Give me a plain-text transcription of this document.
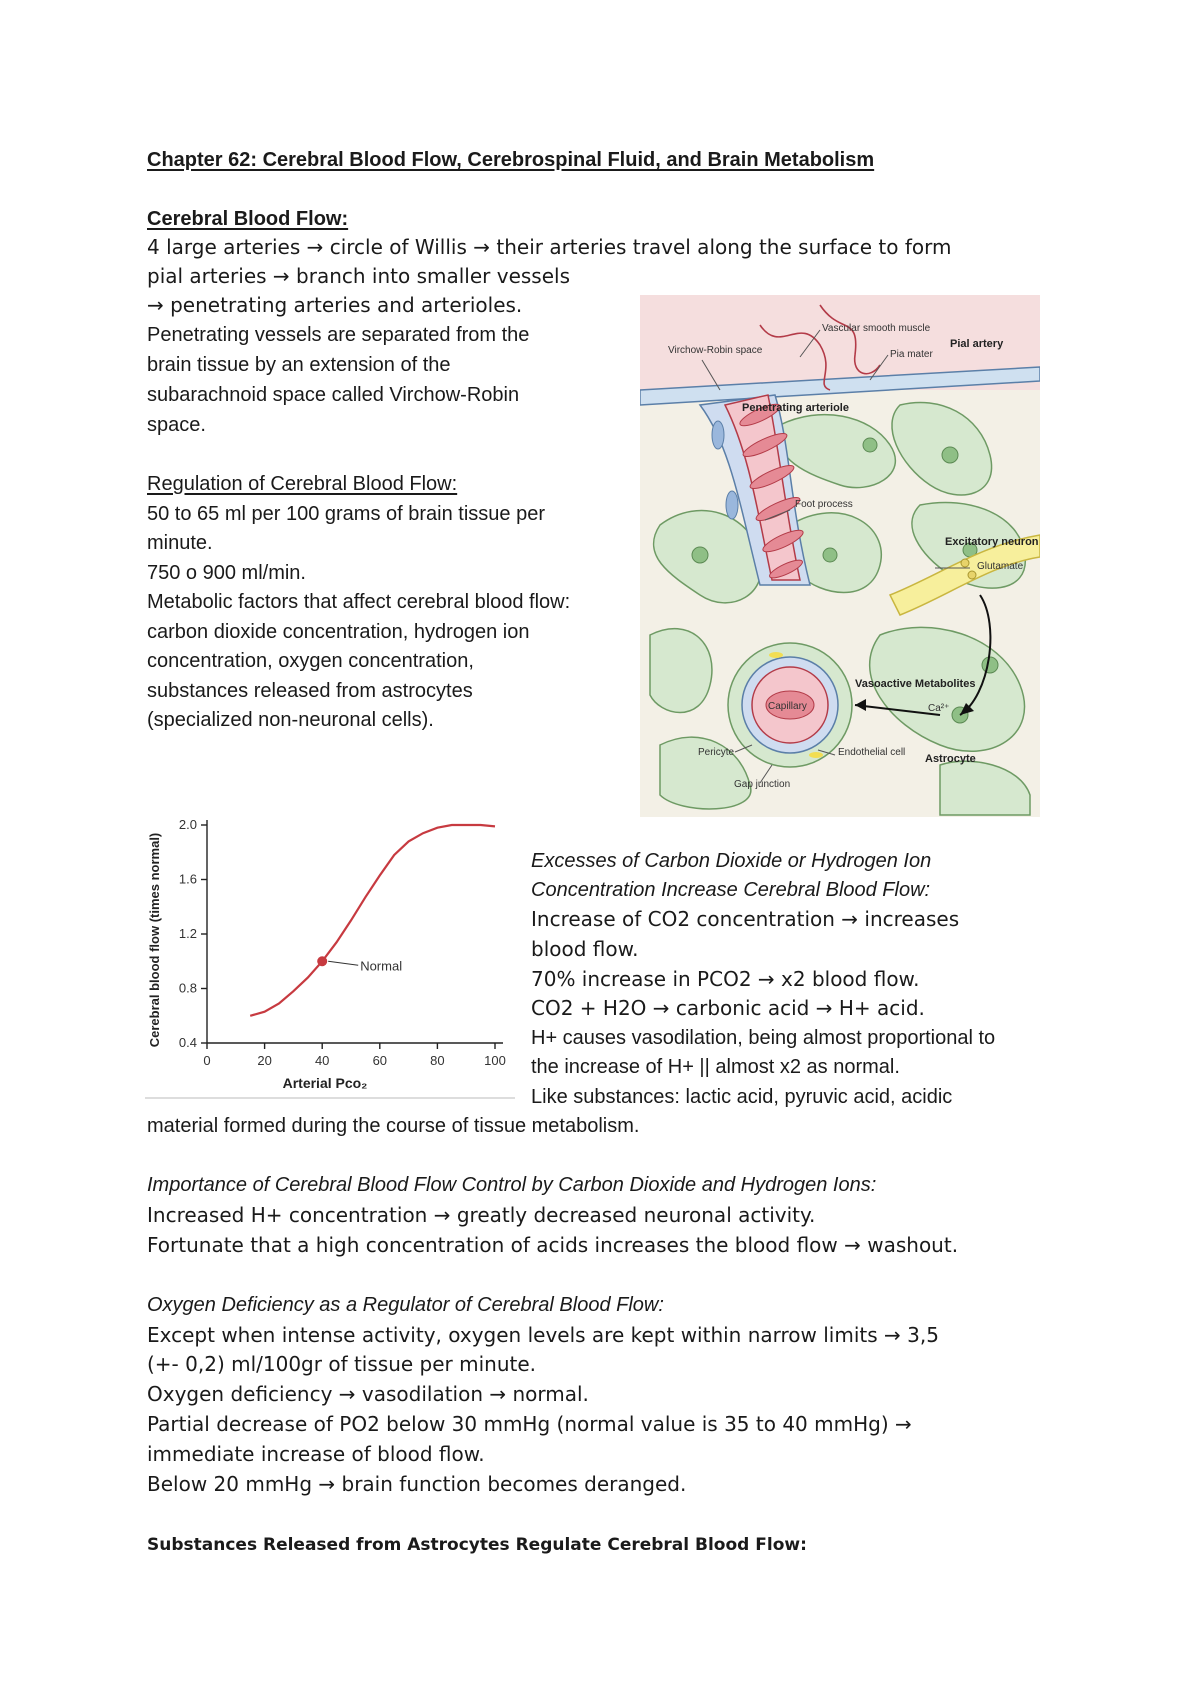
Chapter 62: Cerebral Blood Flow, Cerebrospinal Fluid, and Brain Metabolism
Cerebral Blood Flow:
4 large arteries → circle of Willis → their arteries travel along the surface to form
pial arteries → branch into smaller vessels
→ penetrating arteries and arterioles.
Penetrating vessels are separated from the
brain tissue by an extension of the
subarachnoid space called Virchow-Robin
space.
Regulation of Cerebral Blood Flow:
50 to 65 ml per 100 grams of brain tissue per
minute.
750 o 900 ml/min.
Metabolic factors that affect cerebral blood flow:
carbon dioxide concentration, hydrogen ion
concentration, oxygen concentration,
substances released from astrocytes
(specialized non-neuronal cells).
Vascular smooth muscle
Pial artery
Virchow-Robin space	Pia mater
Penetrating arteriole
Foot process
Excitatory neuron
Glutamate
Vasoactive Metabolites
Capillary	Ca²⁺
Pericyte	Endothelial cell
Astrocyte
Gap junction
0.4
0.8
1.2
1.6
2.0
0	20	40	60	80	100
Normal
Arterial Pco₂
Cerebral blood flow (times normal)	Excesses of Carbon Dioxide or Hydrogen Ion
Concentration Increase Cerebral Blood Flow:
Increase of CO2 concentration → increases
blood flow.
70% increase in PCO2 → x2 blood flow.
CO2 + H2O → carbonic acid → H+ acid.
H+ causes vasodilation, being almost proportional to
the increase of H+ || almost x2 as normal.
Like substances: lactic acid, pyruvic acid, acidic
material formed during the course of tissue metabolism.
Importance of Cerebral Blood Flow Control by Carbon Dioxide and Hydrogen Ions:
Increased H+ concentration → greatly decreased neuronal activity.
Fortunate that a high concentration of acids increases the blood flow → washout.
Oxygen Deficiency as a Regulator of Cerebral Blood Flow:
Except when intense activity, oxygen levels are kept within narrow limits → 3,5
(+- 0,2) ml/100gr of tissue per minute.
Oxygen deficiency → vasodilation → normal.
Partial decrease of PO2 below 30 mmHg (normal value is 35 to 40 mmHg) →
immediate increase of blood flow.
Below 20 mmHg → brain function becomes deranged.
Substances Released from Astrocytes Regulate Cerebral Blood Flow:
